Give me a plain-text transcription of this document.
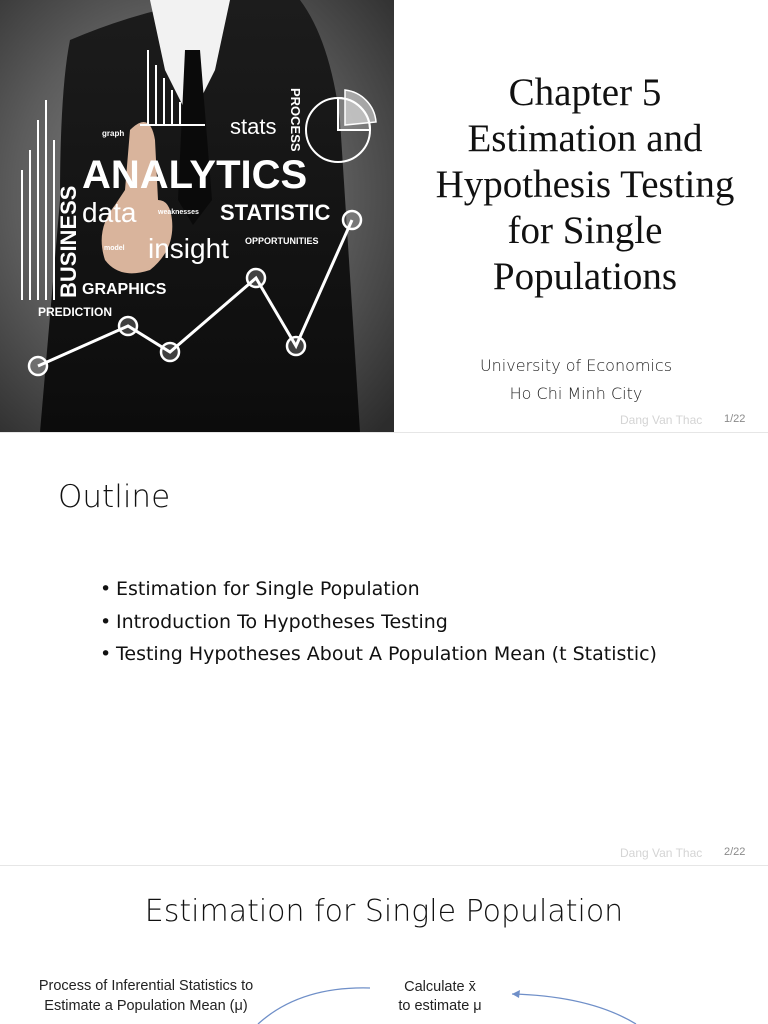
ANALYTICS
BUSINESS data	STATISTIC
insight
stats PROCESS
GRAPHICS
PREDICTION
OPPORTUNITIES
weaknesses
graph
model
Chapter 5
Estimation and
Hypothesis Testing
for Single
Populations
University of Economics
Ho Chi Minh City
Dang Van Thac 1/22
Outline
• Estimation for Single Population
• Introduction To Hypotheses Testing
• Testing Hypotheses About A Population Mean (t Statistic)
Dang Van Thac 2/22
Estimation for Single Population
Process of Inferential Statistics to
Estimate a Population Mean (μ)
Calculate x̄
to estimate μ
